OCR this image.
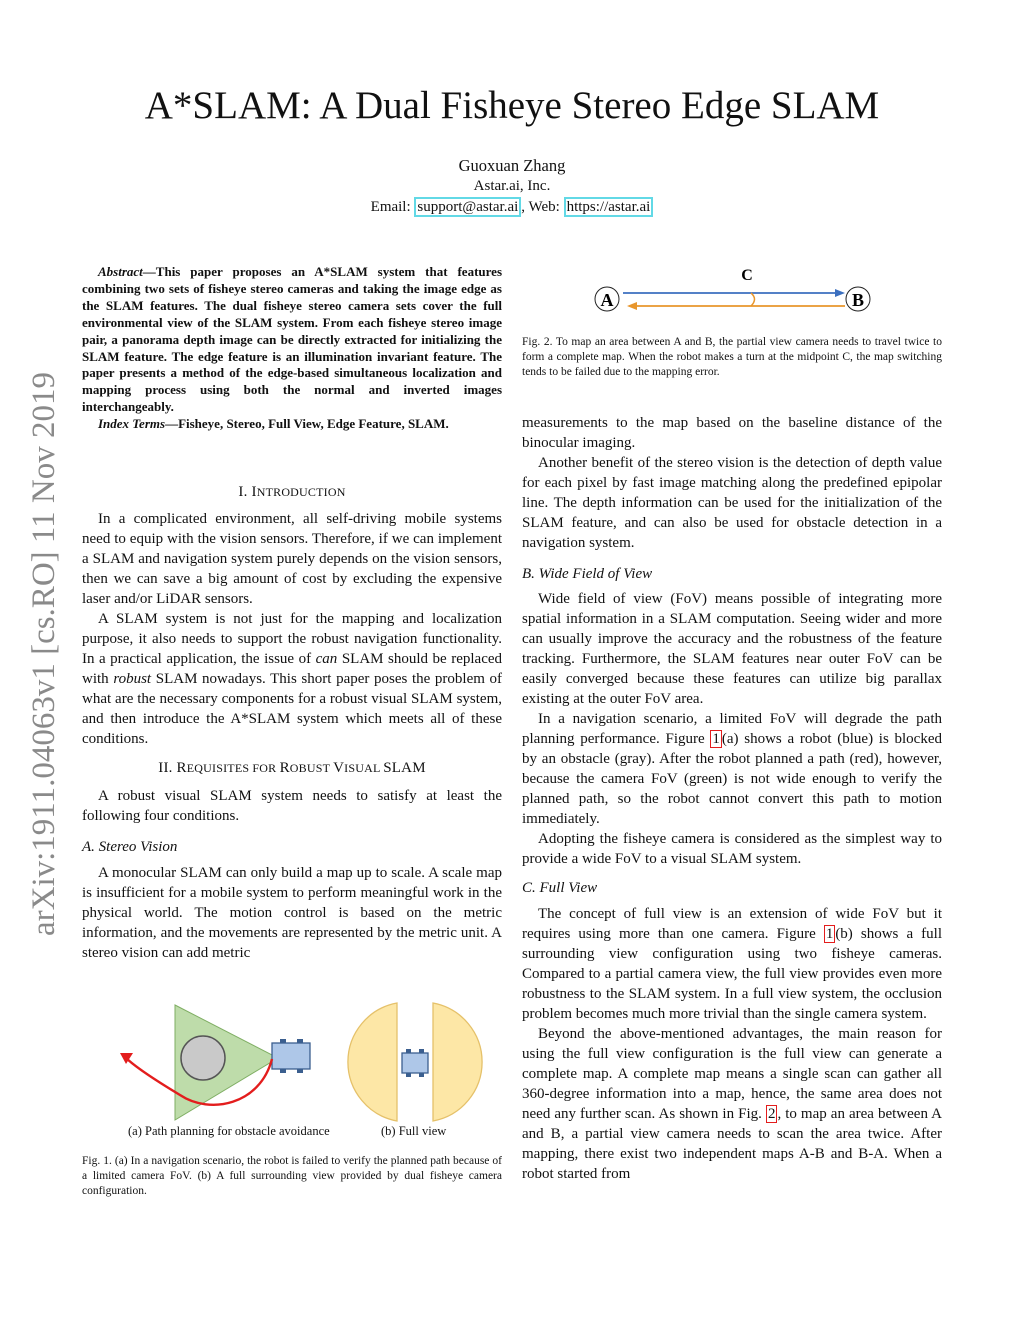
arXiv:1911.04063v1 [cs.RO] 11 Nov 2019
A*SLAM: A Dual Fisheye Stereo Edge SLAM
Guoxuan Zhang
Astar.ai, Inc.
Email: support@astar.ai , Web: https://astar.ai

Abstract—This paper proposes an A*SLAM system that features combining two sets of fisheye stereo cameras and taking the image edge as the SLAM features. The dual fisheye stereo camera sets cover the full environmental view of the SLAM system. From each fisheye stereo image pair, a panorama depth image can be directly extracted for initializing the SLAM feature. The edge feature is an illumination invariant feature. The paper presents a method of the edge-based simultaneous localization and mapping process using both the normal and inverted images interchangeably.

Index Terms—Fisheye, Stereo, Full View, Edge Feature, SLAM.

I. INTRODUCTION

In a complicated environment, all self-driving mobile systems need to equip with the vision sensors. Therefore, if we can implement a SLAM and navigation system purely depends on the vision sensors, then we can save a big amount of cost by excluding the expensive laser and/or LiDAR sensors.

A SLAM system is not just for the mapping and localization purpose, it also needs to support the robust navigation functionality. In a practical application, the issue of can SLAM should be replaced with robust SLAM nowadays. This short paper poses the problem of what are the necessary components for a robust visual SLAM system, and then introduce the A*SLAM system which meets all of these conditions.

II. REQUISITES FOR ROBUST VISUAL SLAM

A robust visual SLAM system needs to satisfy at least the following four conditions.

A. Stereo Vision

A monocular SLAM can only build a map up to scale. A scale map is insufficient for a mobile system to perform meaningful work in the physical world. The motion control is based on the metric information, and the movements are represented by the metric unit. A stereo vision can add metric

(a) Path planning for obstacle avoidance	(b) Full view

Fig. 1. (a) In a navigation scenario, the robot is failed to verify the planned path because of a limited camera FoV. (b) A full surrounding view provided by dual fisheye camera configuration.

C
A	B

Fig. 2. To map an area between A and B, the partial view camera needs to travel twice to form a complete map. When the robot makes a turn at the midpoint C, the map switching tends to be failed due to the mapping error.

measurements to the map based on the baseline distance of the binocular imaging.

Another benefit of the stereo vision is the detection of depth value for each pixel by fast image matching along the predefined epipolar line. The depth information can be used for the initialization of the SLAM feature, and can also be used for obstacle detection in a navigation system.

B. Wide Field of View

Wide field of view (FoV) means possible of integrating more spatial information in a SLAM computation. Seeing wider and more can usually improve the accuracy and the robustness of the feature tracking. Furthermore, the SLAM features near outer FoV can be easily converged because these features can utilize big parallax existing at the outer FoV area.

In a navigation scenario, a limited FoV will degrade the path planning performance. Figure 1 (a) shows a robot (blue) is blocked by an obstacle (gray). After the robot planned a path (red), however, because the camera FoV (green) is not wide enough to verify the planned path, so the robot cannot convert this path to motion immediately.

Adopting the fisheye camera is considered as the simplest way to provide a wide FoV to a visual SLAM system.

C. Full View

The concept of full view is an extension of wide FoV but it requires using more than one camera. Figure 1 (b) shows a full surrounding view configuration using two fisheye cameras. Compared to a partial camera view, the full view provides even more robustness to the SLAM system. In a full view system, the occlusion problem becomes much more trivial than the single camera system.

Beyond the above-mentioned advantages, the main reason for using the full view configuration is the full view can generate a complete map. A complete map means a single scan can gather all 360-degree information into a map, hence, the same area does not need any further scan. As shown in Fig. 2 , to map an area between A and B, a partial view camera needs to scan the area twice. After mapping, there exist two independent maps A-B and B-A. When a robot started from
